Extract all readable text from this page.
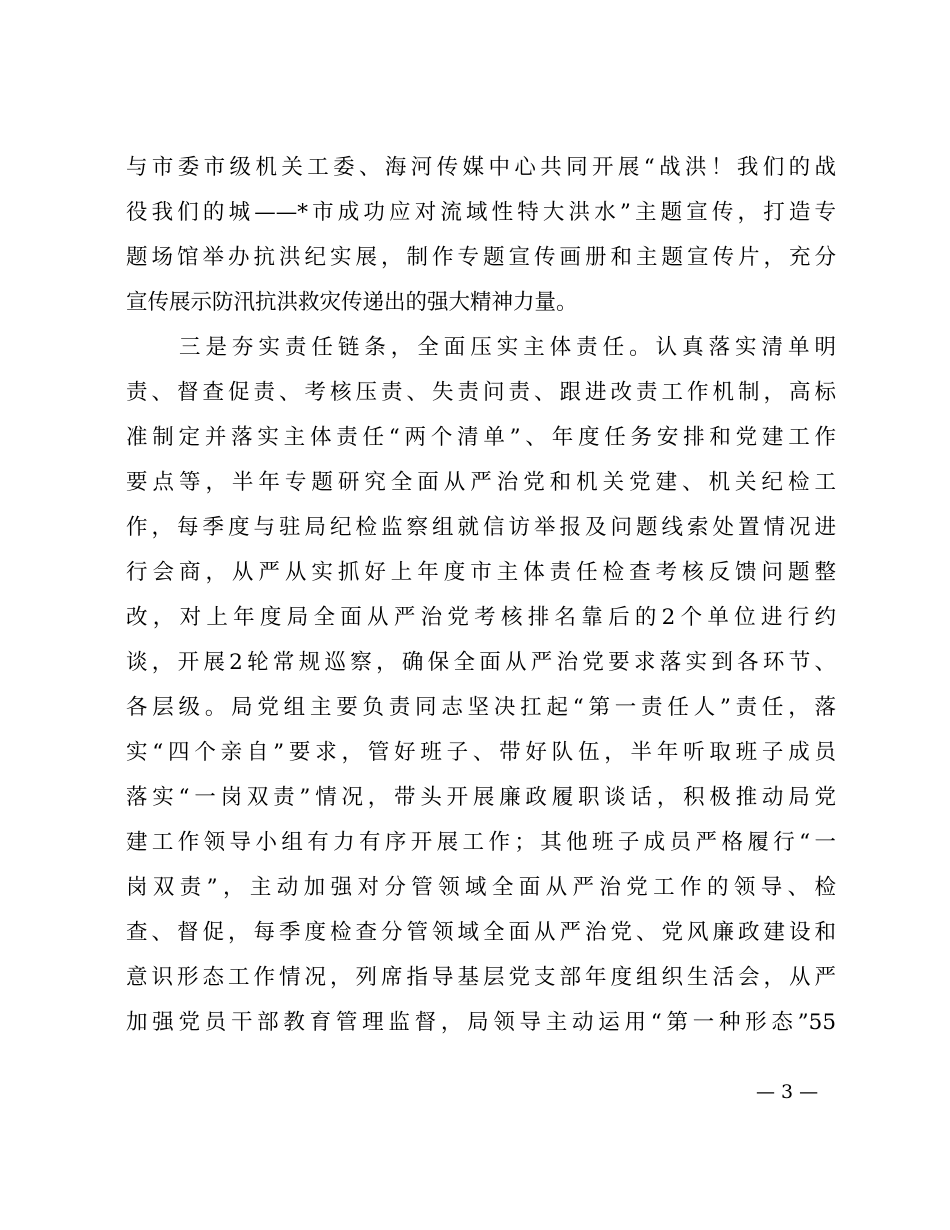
与市委市级机关工委、海河传媒中心共同开展“战洪！我们的战
役我们的城——*市成功应对流域性特大洪水”主题宣传，打造专
题场馆举办抗洪纪实展，制作专题宣传画册和主题宣传片，充分
宣传展示防汛抗洪救灾传递出的强大精神力量。
　　三是夯实责任链条，全面压实主体责任。认真落实清单明
责、督查促责、考核压责、失责问责、跟进改责工作机制，高标
准制定并落实主体责任“两个清单”、年度任务安排和党建工作
要点等，半年专题研究全面从严治党和机关党建、机关纪检工
作，每季度与驻局纪检监察组就信访举报及问题线索处置情况进
行会商，从严从实抓好上年度市主体责任检查考核反馈问题整
改，对上年度局全面从严治党考核排名靠后的2个单位进行约
谈，开展2轮常规巡察，确保全面从严治党要求落实到各环节、
各层级。局党组主要负责同志坚决扛起“第一责任人”责任，落
实“四个亲自”要求，管好班子、带好队伍，半年听取班子成员
落实“一岗双责”情况，带头开展廉政履职谈话，积极推动局党
建工作领导小组有力有序开展工作；其他班子成员严格履行“一
岗双责”，主动加强对分管领域全面从严治党工作的领导、检
查、督促，每季度检查分管领域全面从严治党、党风廉政建设和
意识形态工作情况，列席指导基层党支部年度组织生活会，从严
加强党员干部教育管理监督，局领导主动运用“第一种形态”55
— 3 —
